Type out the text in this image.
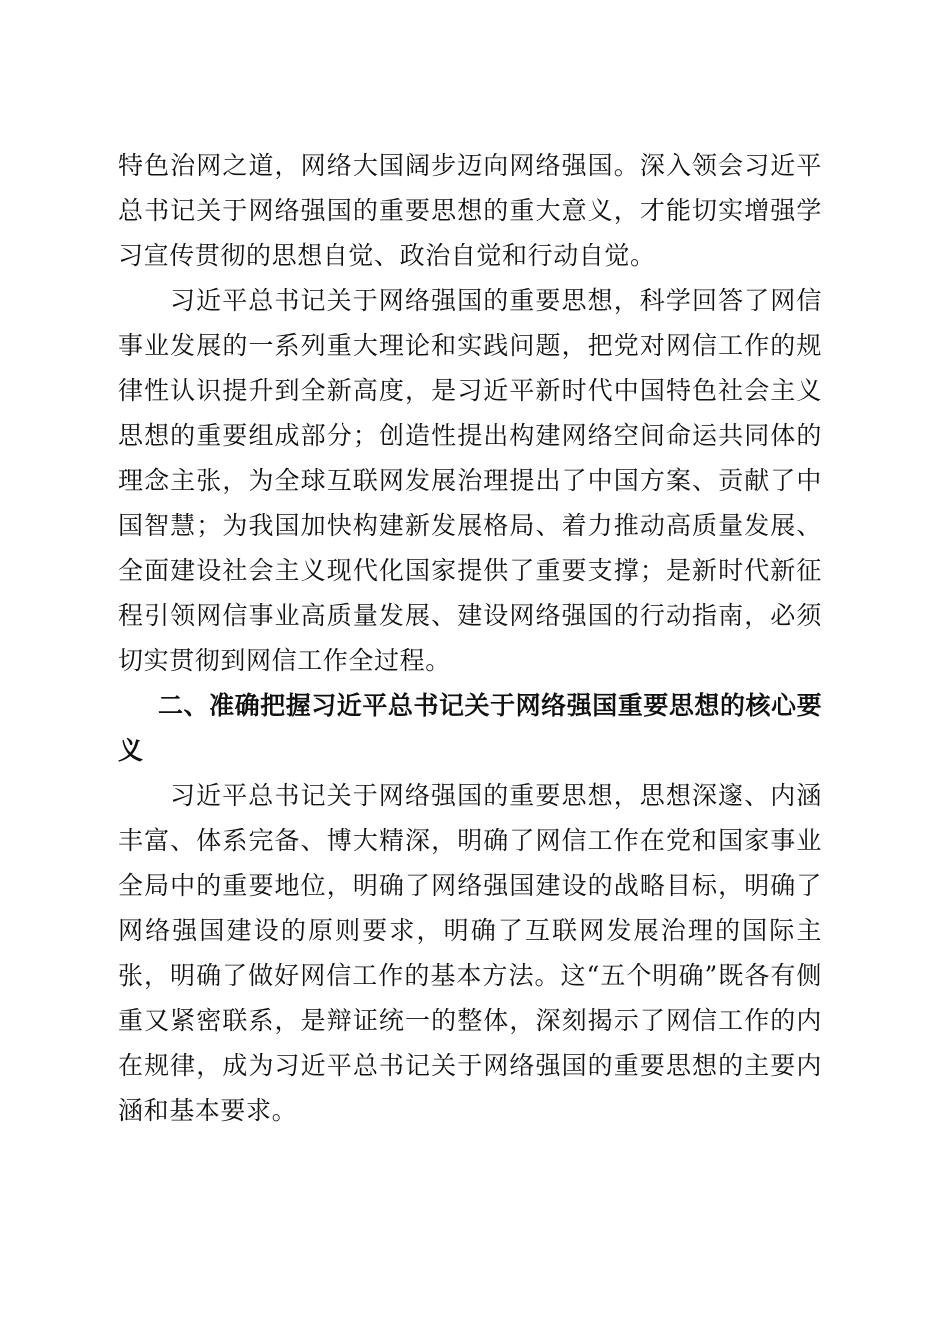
特色治网之道，网络大国阔步迈向网络强国。深入领会习近平总书记关于网络强国的重要思想的重大意义，才能切实增强学习宣传贯彻的思想自觉、政治自觉和行动自觉。

习近平总书记关于网络强国的重要思想，科学回答了网信事业发展的一系列重大理论和实践问题，把党对网信工作的规律性认识提升到全新高度，是习近平新时代中国特色社会主义思想的重要组成部分；创造性提出构建网络空间命运共同体的理念主张，为全球互联网发展治理提出了中国方案、贡献了中国智慧；为我国加快构建新发展格局、着力推动高质量发展、全面建设社会主义现代化国家提供了重要支撑；是新时代新征程引领网信事业高质量发展、建设网络强国的行动指南，必须切实贯彻到网信工作全过程。

二、准确把握习近平总书记关于网络强国重要思想的核心要义

习近平总书记关于网络强国的重要思想，思想深邃、内涵丰富、体系完备、博大精深，明确了网信工作在党和国家事业全局中的重要地位，明确了网络强国建设的战略目标，明确了网络强国建设的原则要求，明确了互联网发展治理的国际主张，明确了做好网信工作的基本方法。这“五个明确”既各有侧重又紧密联系，是辩证统一的整体，深刻揭示了网信工作的内在规律，成为习近平总书记关于网络强国的重要思想的主要内涵和基本要求。
